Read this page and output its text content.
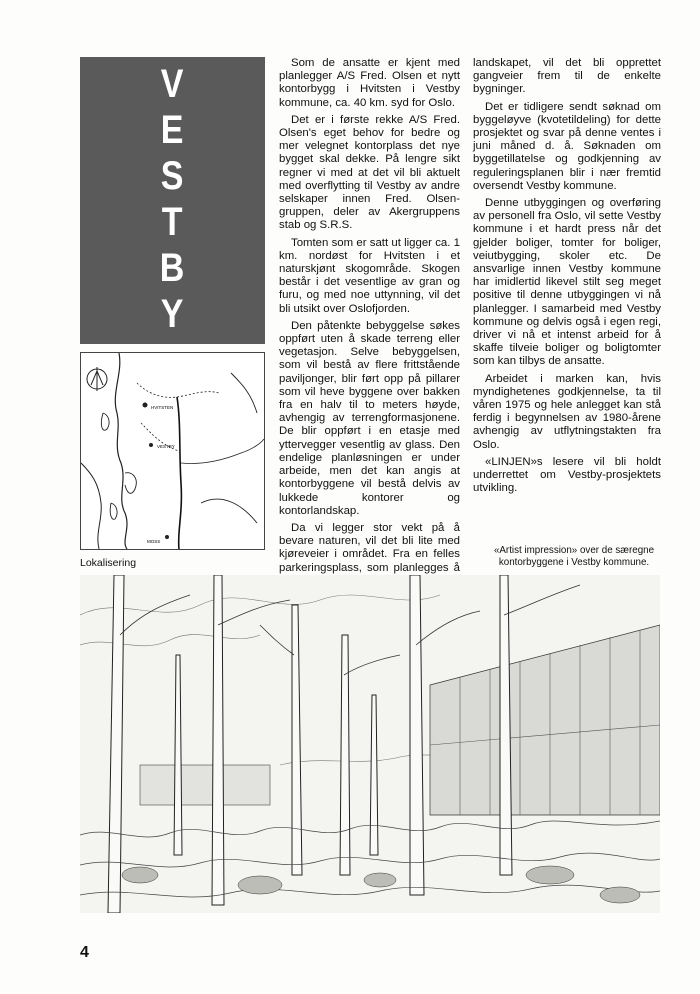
V
E
S
T
B
Y
HVITSTEN
VESTBY
MOSS
Lokalisering

Som de ansatte er kjent med planlegger A/S Fred. Olsen et nytt kontorbygg i Hvitsten i Vestby kommune, ca. 40 km. syd for Oslo.

Det er i første rekke A/S Fred. Olsen's eget behov for bedre og mer velegnet kontorplass det nye bygget skal dekke. På lengre sikt regner vi med at det vil bli aktuelt med overflytting til Vestby av andre selskaper innen Fred. Olsen-gruppen, deler av Akergruppens stab og S.R.S.

Tomten som er satt ut ligger ca. 1 km. nordøst for Hvitsten i et naturskjønt skogområde. Skogen består i det vesentlige av gran og furu, og med noe uttynning, vil det bli utsikt over Oslofjorden.

Den påtenkte bebyggelse søkes oppført uten å skade terreng eller vegetasjon. Selve bebyggelsen, som vil bestå av flere frittstående paviljonger, blir ført opp på pillarer som vil heve byggene over bakken fra en halv til to meters høyde, avhengig av terrengformasjonene. De blir oppført i en etasje med yttervegger vesentlig av glass. Den endelige planløsningen er under arbeide, men det kan angis at kontorbyggene vil bestå delvis av lukkede kontorer og kontorlandskap.

Da vi legger stor vekt på å bevare naturen, vil det bli lite med kjøreveier i området. Fra en felles parkeringsplass, som planlegges å

landskapet, vil det bli opprettet gangveier frem til de enkelte bygninger.

Det er tidligere sendt søknad om byggeløyve (kvotetildeling) for dette prosjektet og svar på denne ventes i juni måned d. å. Søknaden om byggetillatelse og godkjenning av reguleringsplanen blir i nær fremtid oversendt Vestby kommune.

Denne utbyggingen og overføring av personell fra Oslo, vil sette Vestby kommune i et hardt press når det gjelder boliger, tomter for boliger, veiutbygging, skoler etc. De ansvarlige innen Vestby kommune har imidlertid likevel stilt seg meget positive til denne utbyggingen vi nå planlegger. I samarbeid med Vestby kommune og delvis også i egen regi, driver vi nå et intenst arbeid for å skaffe tilveie boliger og boligtomter som kan tilbys de ansatte.

Arbeidet i marken kan, hvis myndighetenes godkjennelse, ta til våren 1975 og hele anlegget kan stå ferdig i begynnelsen av 1980-årene avhengig av utflytningstakten fra Oslo.

«LINJEN»s lesere vil bli holdt underrettet om Vestby-prosjektets utvikling.

«Artist impression» over de særegne kontorbyggene i Vestby kommune.
4
